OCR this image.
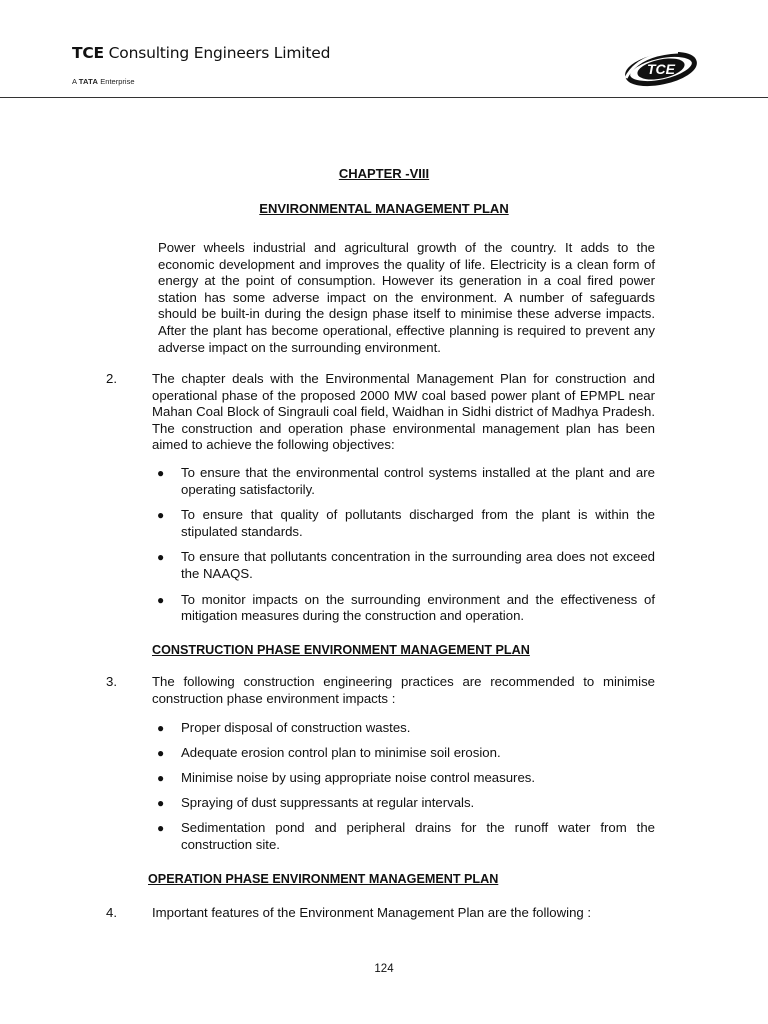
TCE Consulting Engineers Limited
A TATA Enterprise
TCE
CHAPTER -VIII
ENVIRONMENTAL MANAGEMENT PLAN

Power wheels industrial and agricultural growth of the country. It adds to the economic development and improves the quality of life. Electricity is a clean form of energy at the point of consumption. However its generation in a coal fired power station has some adverse impact on the environment. A number of safeguards should be built-in during the design phase itself to minimise these adverse impacts. After the plant has become operational, effective planning is required to prevent any adverse impact on the surrounding environment.

2.	The chapter deals with the Environmental Management Plan for construction and operational phase of the proposed 2000 MW coal based power plant of EPMPL near Mahan Coal Block of Singrauli coal field, Waidhan in Sidhi district of Madhya Pradesh. The construction and operation phase environmental management plan has been aimed to achieve the following objectives:

● To ensure that the environmental control systems installed at the plant and are operating satisfactorily.
● To ensure that quality of pollutants discharged from the plant is within the stipulated standards.
● To ensure that pollutants concentration in the surrounding area does not exceed the NAAQS.
● To monitor impacts on the surrounding environment and the effectiveness of mitigation measures during the construction and operation.
CONSTRUCTION PHASE ENVIRONMENT MANAGEMENT PLAN
3.	The following construction engineering practices are recommended to minimise construction phase environment impacts :

● Proper disposal of construction wastes.
● Adequate erosion control plan to minimise soil erosion.
● Minimise noise by using appropriate noise control measures.
● Spraying of dust suppressants at regular intervals.
● Sedimentation pond and peripheral drains for the runoff water from the construction site.
OPERATION PHASE ENVIRONMENT MANAGEMENT PLAN
4.	Important features of the Environment Management Plan are the following :

124
